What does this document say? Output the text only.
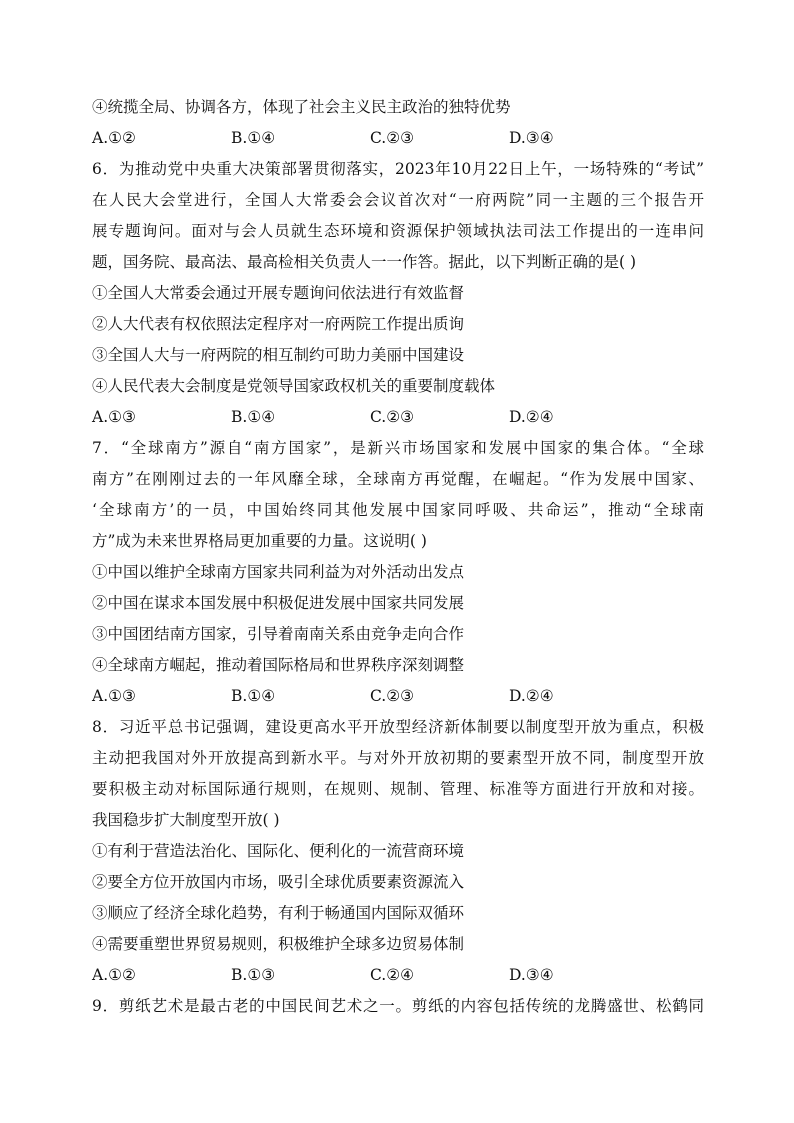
④统揽全局、协调各方，体现了社会主义民主政治的独特优势
A.①②	B.①④	C.②③	D.③④
6．为推动党中央重大决策部署贯彻落实，2023年10月22日上午，一场特殊的“考试”
在人民大会堂进行，全国人大常委会会议首次对“一府两院”同一主题的三个报告开
展专题询问。面对与会人员就生态环境和资源保护领域执法司法工作提出的一连串问
题，国务院、最高法、最高检相关负责人一一作答。据此，以下判断正确的是( )
①全国人大常委会通过开展专题询问依法进行有效监督
②人大代表有权依照法定程序对一府两院工作提出质询
③全国人大与一府两院的相互制约可助力美丽中国建设
④人民代表大会制度是党领导国家政权机关的重要制度载体
A.①③	B.①④	C.②③	D.②④
7．“全球南方”源自“南方国家”，是新兴市场国家和发展中国家的集合体。“全球
南方”在刚刚过去的一年风靡全球，全球南方再觉醒，在崛起。“作为发展中国家、
‘全球南方’的一员，中国始终同其他发展中国家同呼吸、共命运”，推动“全球南
方”成为未来世界格局更加重要的力量。这说明( )
①中国以维护全球南方国家共同利益为对外活动出发点
②中国在谋求本国发展中积极促进发展中国家共同发展
③中国团结南方国家，引导着南南关系由竞争走向合作
④全球南方崛起，推动着国际格局和世界秩序深刻调整
A.①③	B.①④	C.②③	D.②④
8．习近平总书记强调，建设更高水平开放型经济新体制要以制度型开放为重点，积极
主动把我国对外开放提高到新水平。与对外开放初期的要素型开放不同，制度型开放
要积极主动对标国际通行规则，在规则、规制、管理、标准等方面进行开放和对接。
我国稳步扩大制度型开放( )
①有利于营造法治化、国际化、便利化的一流营商环境
②要全方位开放国内市场，吸引全球优质要素资源流入
③顺应了经济全球化趋势，有利于畅通国内国际双循环
④需要重塑世界贸易规则，积极维护全球多边贸易体制
A.①②	B.①③	C.②④	D.③④
9．剪纸艺术是最古老的中国民间艺术之一。剪纸的内容包括传统的龙腾盛世、松鹤同
